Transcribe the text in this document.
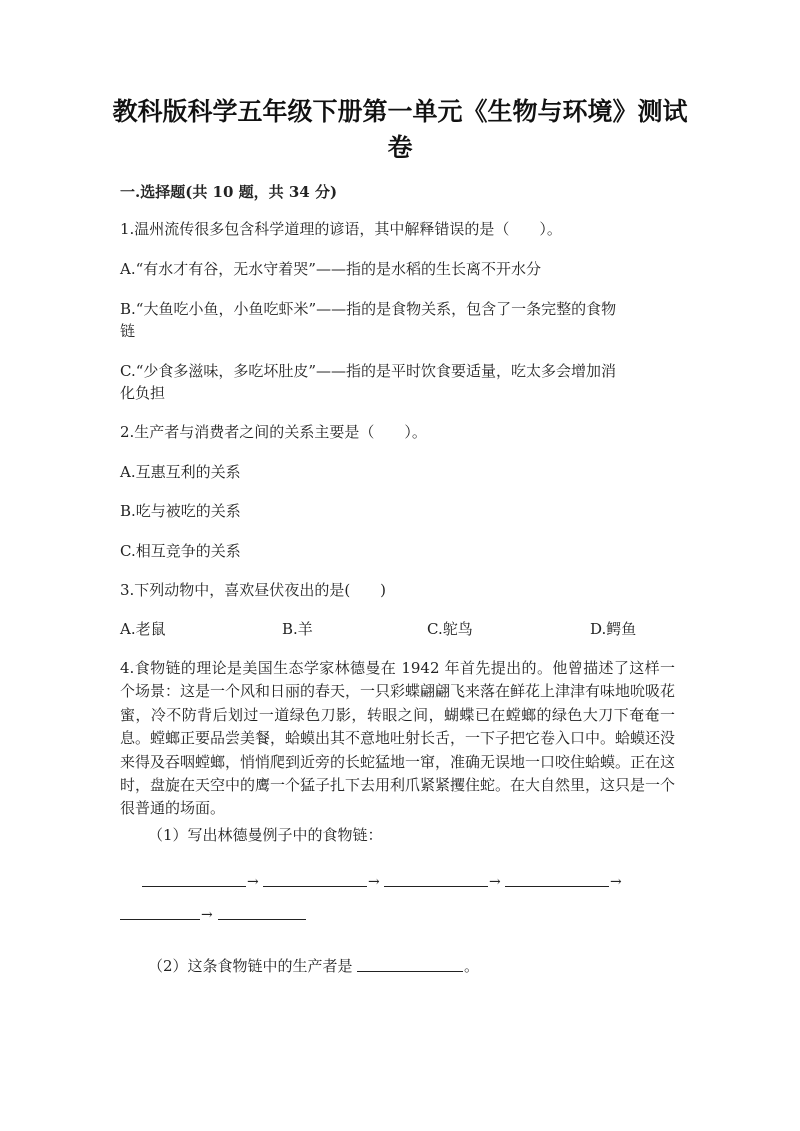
教科版科学五年级下册第一单元《生物与环境》测试卷
一.选择题(共 10 题，共 34 分)
1.温州流传很多包含科学道理的谚语，其中解释错误的是（　　）。
A.“有水才有谷，无水守着哭”——指的是水稻的生长离不开水分
B.“大鱼吃小鱼，小鱼吃虾米”——指的是食物关系，包含了一条完整的食物
链
C.“少食多滋味，多吃坏肚皮”——指的是平时饮食要适量，吃太多会增加消
化负担
2.生产者与消费者之间的关系主要是（　　）。
A.互惠互利的关系
B.吃与被吃的关系
C.相互竞争的关系
3.下列动物中，喜欢昼伏夜出的是(　　)
A.老鼠	B.羊	C.鸵鸟	D.鳄鱼
4.食物链的理论是美国生态学家林德曼在 1942 年首先提出的。他曾描述了这样一个场景：这是一个风和日丽的春天，一只彩蝶翩翩飞来落在鲜花上津津有味地吮吸花蜜，冷不防背后划过一道绿色刀影，转眼之间，蝴蝶已在螳螂的绿色大刀下奄奄一息。螳螂正要品尝美餐，蛤蟆出其不意地吐射长舌，一下子把它卷入口中。蛤蟆还没来得及吞咽螳螂，悄悄爬到近旁的长蛇猛地一窜，准确无误地一口咬住蛤蟆。正在这时，盘旋在天空中的鹰一个猛子扎下去用利爪紧紧攫住蛇。在大自然里，这只是一个很普通的场面。
（1）写出林德曼例子中的食物链：
→	→	→	→
→
（2）这条食物链中的生产者是	。
